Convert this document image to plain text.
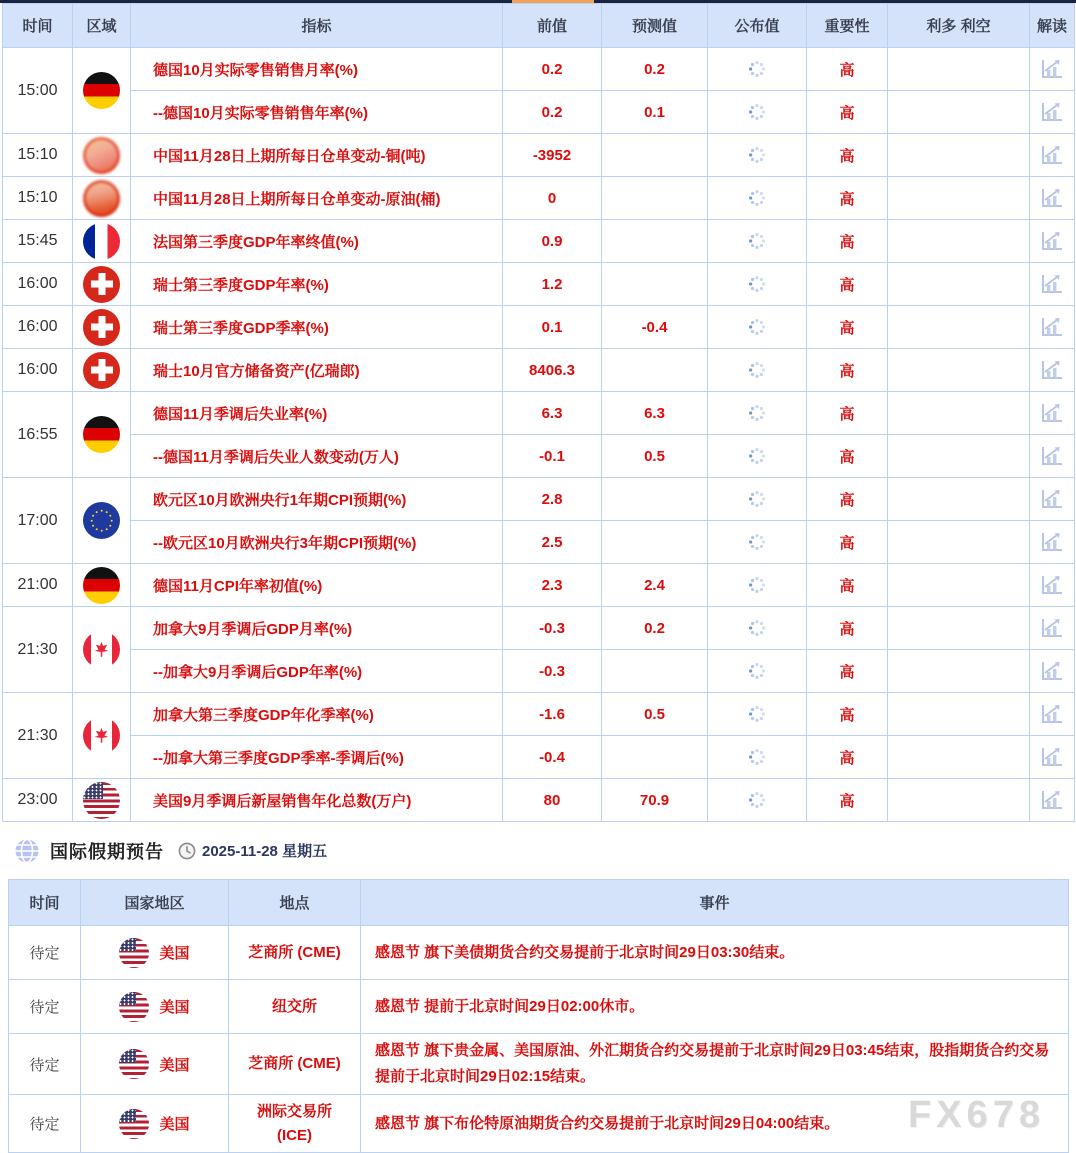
时间	区域	指标	前值	预测值	公布值	重要性	利多 利空	解读
15:00		德国10月实际零售销售月率(%)	0.2	0.2		高		
		--德国10月实际零售销售年率(%)	0.2	0.1		高		
15:10		中国11月28日上期所每日仓单变动-铜(吨)	-3952			高		
15:10		中国11月28日上期所每日仓单变动-原油(桶)	0			高		
15:45		法国第三季度GDP年率终值(%)	0.9			高		
16:00		瑞士第三季度GDP年率(%)	1.2			高		
16:00		瑞士第三季度GDP季率(%)	0.1	-0.4		高		
16:00		瑞士10月官方储备资产(亿瑞郎)	8406.3			高		
16:55		德国11月季调后失业率(%)	6.3	6.3		高		
		--德国11月季调后失业人数变动(万人)	-0.1	0.5		高		
17:00		欧元区10月欧洲央行1年期CPI预期(%)	2.8			高		
		--欧元区10月欧洲央行3年期CPI预期(%)	2.5			高		
21:00		德国11月CPI年率初值(%)	2.3	2.4		高		
21:30		加拿大9月季调后GDP月率(%)	-0.3	0.2		高		
		--加拿大9月季调后GDP年率(%)	-0.3			高		
21:30		加拿大第三季度GDP年化季率(%)	-1.6	0.5		高		
		--加拿大第三季度GDP季率-季调后(%)	-0.4			高		
23:00		美国9月季调后新屋销售年化总数(万户)	80	70.9		高		
国际假期预告	2025-11-28 星期五
时间	国家地区	地点	事件
待定	美国	芝商所 (CME)	感恩节 旗下美债期货合约交易提前于北京时间29日03:30结束。
待定	美国	纽交所	感恩节 提前于北京时间29日02:00休市。
待定	美国	芝商所 (CME)	感恩节 旗下贵金属、美国原油、外汇期货合约交易提前于北京时间29日03:45结束，股指期货合约交易提前于北京时间29日02:15结束。
待定	美国	洲际交易所 (ICE)	感恩节 旗下布伦特原油期货合约交易提前于北京时间29日04:00结束。 FX678
